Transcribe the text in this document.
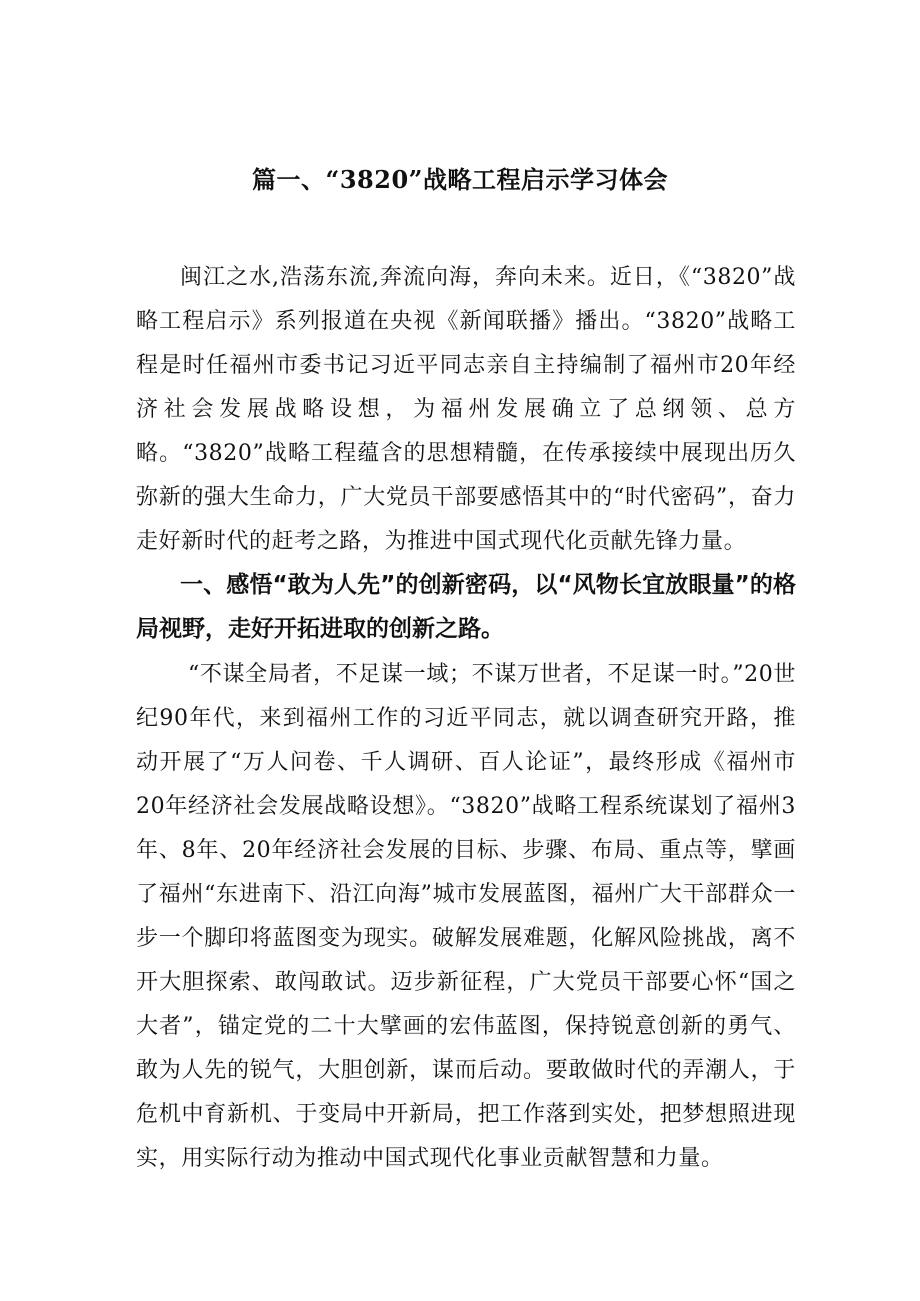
篇一、“3820”战略工程启示学习体会
闽江之水,浩荡东流,奔流向海，奔向未来。近日，《“3820”战略工程启示》系列报道在央视《新闻联播》播出。“3820”战略工程是时任福州市委书记习近平同志亲自主持编制了福州市20年经济社会发展战略设想，为福州发展确立了总纲领、总方略。“3820”战略工程蕴含的思想精髓，在传承接续中展现出历久弥新的强大生命力，广大党员干部要感悟其中的“时代密码”，奋力走好新时代的赶考之路，为推进中国式现代化贡献先锋力量。
一、感悟“敢为人先”的创新密码，以“风物长宜放眼量”的格局视野，走好开拓进取的创新之路。
“不谋全局者，不足谋一域；不谋万世者，不足谋一时。”20世纪90年代，来到福州工作的习近平同志，就以调查研究开路，推动开展了“万人问卷、千人调研、百人论证”，最终形成《福州市20年经济社会发展战略设想》。“3820”战略工程系统谋划了福州3年、8年、20年经济社会发展的目标、步骤、布局、重点等，擘画了福州“东进南下、沿江向海”城市发展蓝图，福州广大干部群众一步一个脚印将蓝图变为现实。破解发展难题，化解风险挑战，离不开大胆探索、敢闯敢试。迈步新征程，广大党员干部要心怀“国之大者”，锚定党的二十大擘画的宏伟蓝图，保持锐意创新的勇气、敢为人先的锐气，大胆创新，谋而后动。要敢做时代的弄潮人，于危机中育新机、于变局中开新局，把工作落到实处，把梦想照进现实，用实际行动为推动中国式现代化事业贡献智慧和力量。
